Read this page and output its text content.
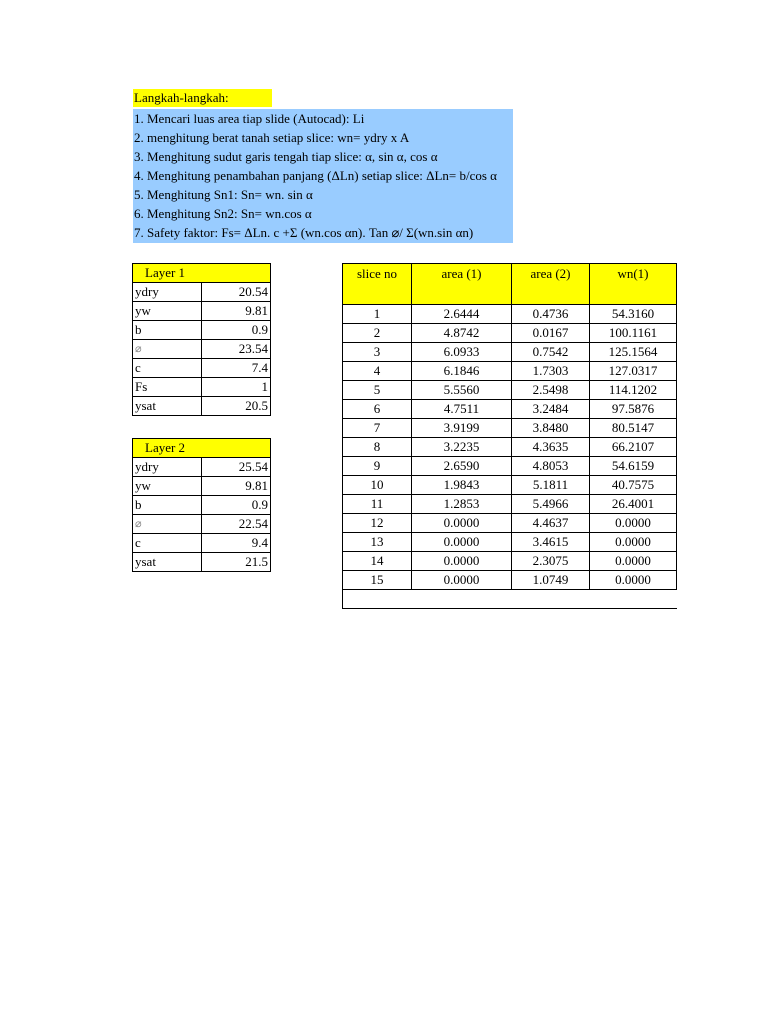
Langkah-langkah:
1. Mencari luas area tiap slide (Autocad): Li
2. menghitung berat tanah setiap slice: wn= ydry x A
3. Menghitung sudut garis tengah tiap slice: α, sin α, cos α
4. Menghitung penambahan panjang (ΔLn) setiap slice: ΔLn= b/cos α
5. Menghitung Sn1: Sn= wn. sin α
6. Menghitung Sn2: Sn= wn.cos α
7. Safety faktor: Fs= ΔLn. c +Σ (wn.cos αn). Tan ⌀/ Σ(wn.sin αn)
Layer 1	
ydry	20.54
yw	9.81
b	0.9
⌀	23.54
c	7.4
Fs	1
ysat	20.5
Layer 2	
ydry	25.54
yw	9.81
b	0.9
⌀	22.54
c	9.4
ysat	21.5
slice no	area (1)	area (2)	wn(1)
1	2.6444	0.4736	54.3160
2	4.8742	0.0167	100.1161
3	6.0933	0.7542	125.1564
4	6.1846	1.7303	127.0317
5	5.5560	2.5498	114.1202
6	4.7511	3.2484	97.5876
7	3.9199	3.8480	80.5147
8	3.2235	4.3635	66.2107
9	2.6590	4.8053	54.6159
10	1.9843	5.1811	40.7575
11	1.2853	5.4966	26.4001
12	0.0000	4.4637	0.0000
13	0.0000	3.4615	0.0000
14	0.0000	2.3075	0.0000
15	0.0000	1.0749	0.0000
